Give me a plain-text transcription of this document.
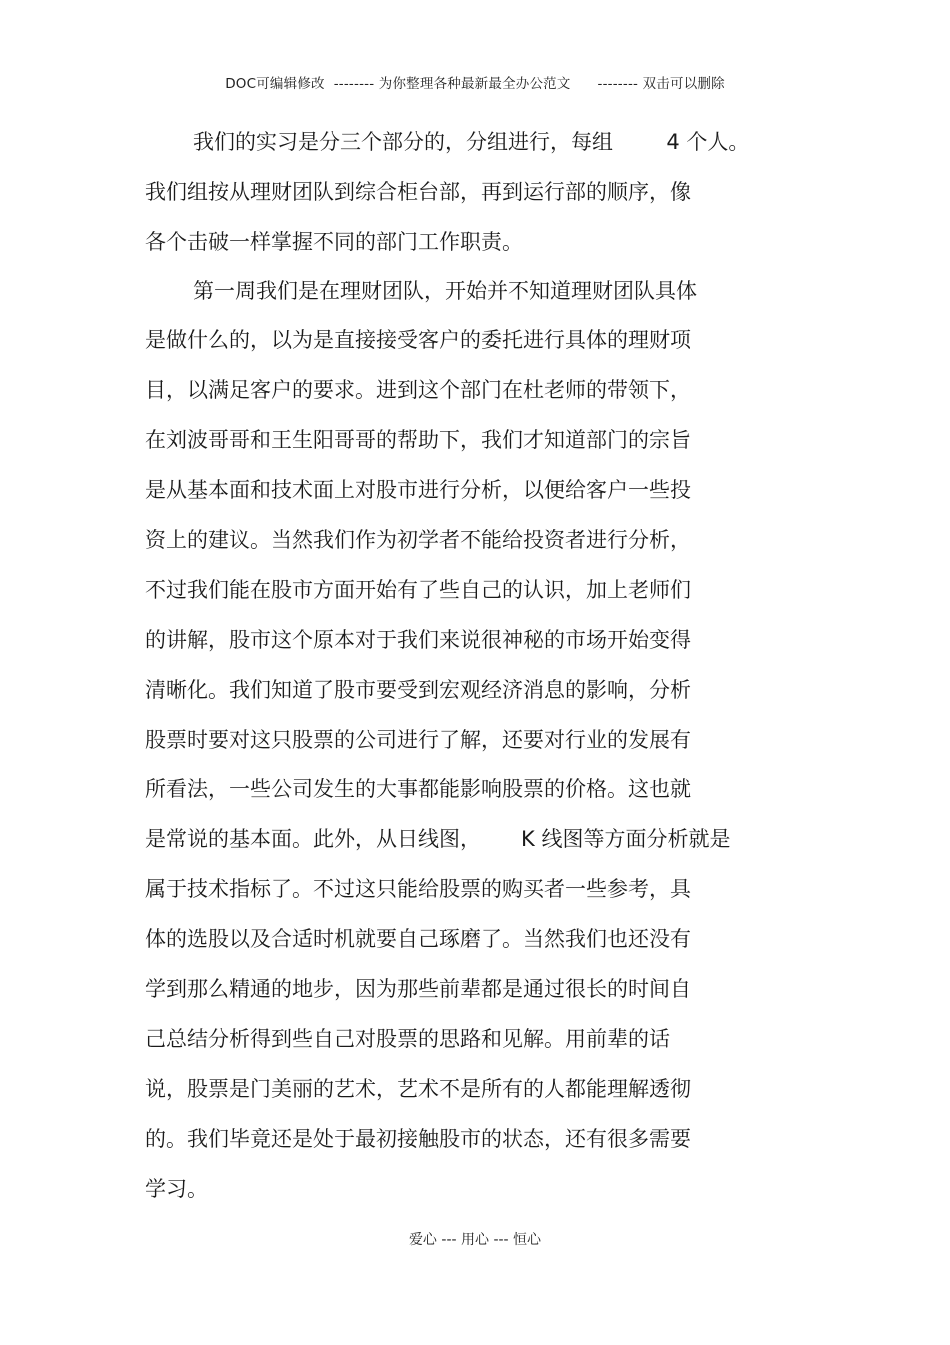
DOC可编辑修改  -------- 为你整理各种最新最全办公范文      -------- 双击可以删除
我们的实习是分三个部分的，分组进行，每组        4 个人。
我们组按从理财团队到综合柜台部，再到运行部的顺序，像
各个击破一样掌握不同的部门工作职责。
第一周我们是在理财团队，开始并不知道理财团队具体
是做什么的，以为是直接接受客户的委托进行具体的理财项
目，以满足客户的要求。进到这个部门在杜老师的带领下，
在刘波哥哥和王生阳哥哥的帮助下，我们才知道部门的宗旨
是从基本面和技术面上对股市进行分析，以便给客户一些投
资上的建议。当然我们作为初学者不能给投资者进行分析，
不过我们能在股市方面开始有了些自己的认识，加上老师们
的讲解，股市这个原本对于我们来说很神秘的市场开始变得
清晰化。我们知道了股市要受到宏观经济消息的影响，分析
股票时要对这只股票的公司进行了解，还要对行业的发展有
所看法，一些公司发生的大事都能影响股票的价格。这也就
是常说的基本面。此外，从日线图，      K 线图等方面分析就是
属于技术指标了。不过这只能给股票的购买者一些参考，具
体的选股以及合适时机就要自己琢磨了。当然我们也还没有
学到那么精通的地步，因为那些前辈都是通过很长的时间自
己总结分析得到些自己对股票的思路和见解。用前辈的话
说，股票是门美丽的艺术，艺术不是所有的人都能理解透彻
的。我们毕竟还是处于最初接触股市的状态，还有很多需要
学习。
爱心 --- 用心 --- 恒心
